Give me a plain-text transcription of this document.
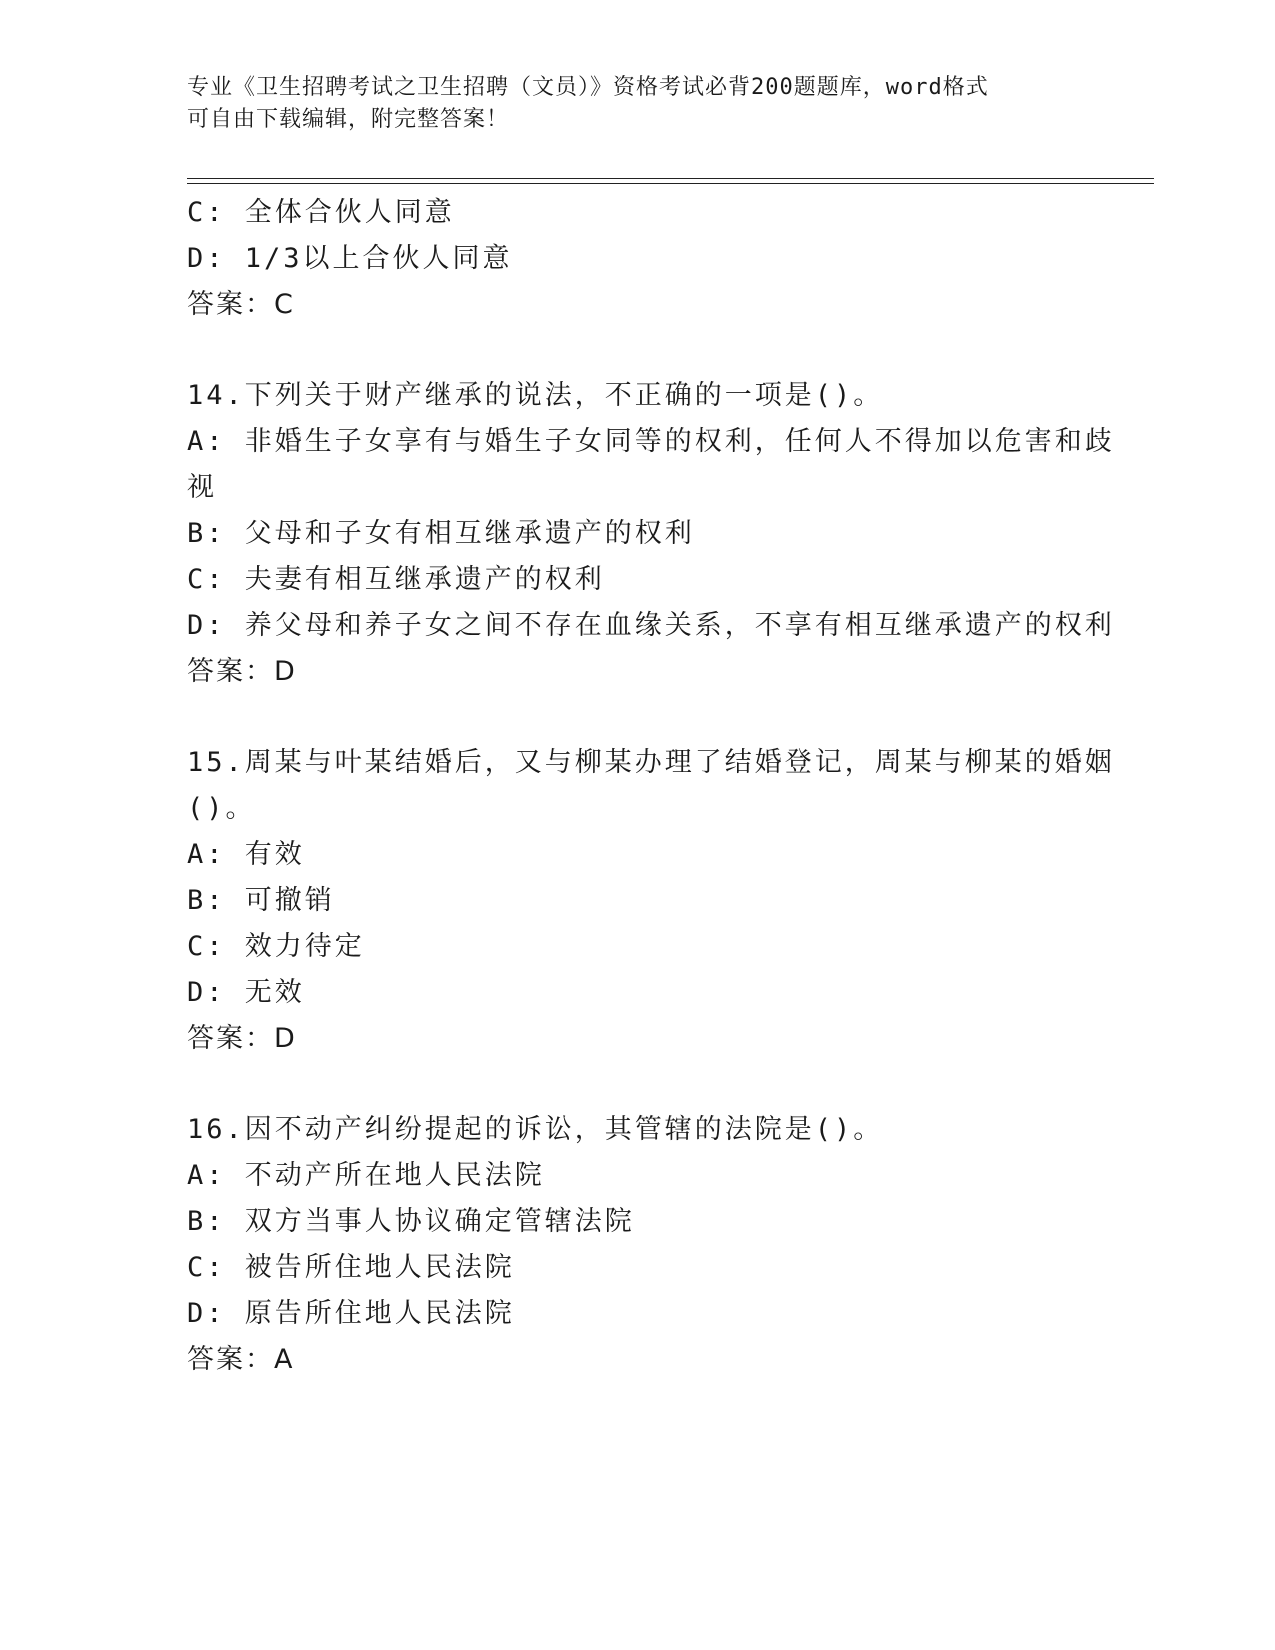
专业《卫生招聘考试之卫生招聘（文员）》资格考试必背200题题库，word格式
可自由下载编辑，附完整答案！
C: 全体合伙人同意
D: 1/3以上合伙人同意
答案：C
14.下列关于财产继承的说法，不正确的一项是()。
A: 非婚生子女享有与婚生子女同等的权利，任何人不得加以危害和歧
视
B: 父母和子女有相互继承遗产的权利
C: 夫妻有相互继承遗产的权利
D: 养父母和养子女之间不存在血缘关系，不享有相互继承遗产的权利
答案：D
15.周某与叶某结婚后，又与柳某办理了结婚登记，周某与柳某的婚姻
()。
A: 有效
B: 可撤销
C: 效力待定
D: 无效
答案：D
16.因不动产纠纷提起的诉讼，其管辖的法院是()。
A: 不动产所在地人民法院
B: 双方当事人协议确定管辖法院
C: 被告所住地人民法院
D: 原告所住地人民法院
答案：A
